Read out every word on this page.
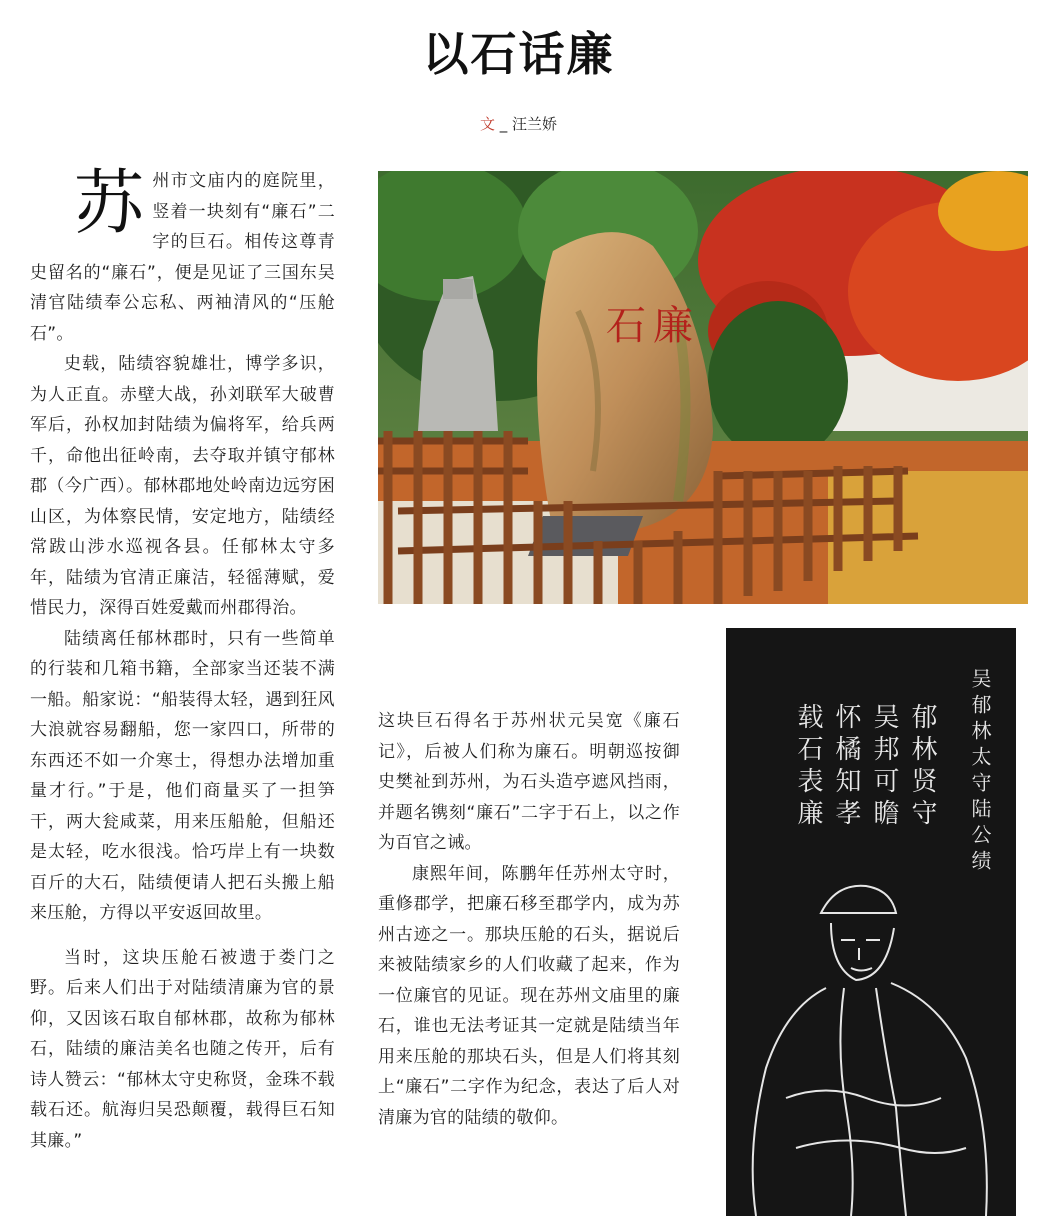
以石话廉
文 _ 汪兰娇

苏州市文庙内的庭院里，竖着一块刻有“廉石”二字的巨石。相传这尊青史留名的“廉石”，便是见证了三国东吴清官陆绩奉公忘私、两袖清风的“压舱石”。

史载，陆绩容貌雄壮，博学多识，为人正直。赤壁大战，孙刘联军大破曹军后，孙权加封陆绩为偏将军，给兵两千，命他出征岭南，去夺取并镇守郁林郡（今广西）。郁林郡地处岭南边远穷困山区，为体察民情，安定地方，陆绩经常跋山涉水巡视各县。任郁林太守多年，陆绩为官清正廉洁，轻徭薄赋，爱惜民力，深得百姓爱戴而州郡得治。

陆绩离任郁林郡时，只有一些简单的行装和几箱书籍，全部家当还装不满一船。船家说：“船装得太轻，遇到狂风大浪就容易翻船，您一家四口，所带的东西还不如一介寒士，得想办法增加重量才行。”于是，他们商量买了一担笋干，两大瓮咸菜，用来压船舱，但船还是太轻，吃水很浅。恰巧岸上有一块数百斤的大石，陆绩便请人把石头搬上船来压舱，方得以平安返回故里。

当时，这块压舱石被遗于娄门之野。后来人们出于对陆绩清廉为官的景仰，又因该石取自郁林郡，故称为郁林石，陆绩的廉洁美名也随之传开，后有诗人赞云：“郁林太守史称贤，金珠不载载石还。航海归吴恐颠覆，载得巨石知其廉。”

石 廉
吴郁林太守陆公绩
郁林贤守
吴邦可瞻
怀橘知孝
载石表廉

这块巨石得名于苏州状元吴宽《廉石记》，后被人们称为廉石。明朝巡按御史樊祉到苏州，为石头造亭遮风挡雨，并题名镌刻“廉石”二字于石上，以之作为百官之诫。

康熙年间，陈鹏年任苏州太守时，重修郡学，把廉石移至郡学内，成为苏州古迹之一。那块压舱的石头，据说后来被陆绩家乡的人们收藏了起来，作为一位廉官的见证。现在苏州文庙里的廉石，谁也无法考证其一定就是陆绩当年用来压舱的那块石头，但是人们将其刻上“廉石”二字作为纪念，表达了后人对清廉为官的陆绩的敬仰。
